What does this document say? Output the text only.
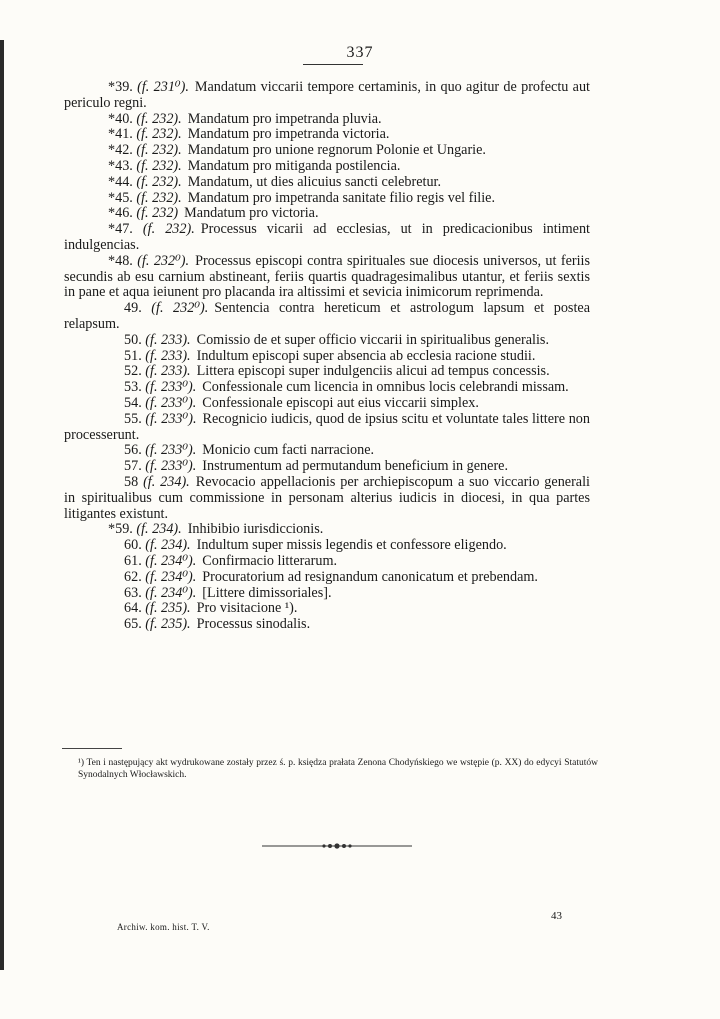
337
*39. (f. 231⁰). Mandatum viccarii tempore certaminis, in quo agitur de profectu aut periculo regni.
*40. (f. 232). Mandatum pro impetranda pluvia.
*41. (f. 232). Mandatum pro impetranda victoria.
*42. (f. 232). Mandatum pro unione regnorum Polonie et Ungarie.
*43. (f. 232). Mandatum pro mitiganda postilencia.
*44. (f. 232). Mandatum, ut dies alicuius sancti celebretur.
*45. (f. 232). Mandatum pro impetranda sanitate filio regis vel filie.
*46. (f. 232) Mandatum pro victoria.
*47. (f. 232). Processus vicarii ad ecclesias, ut in predicacionibus intiment indulgencias.
*48. (f. 232⁰). Processus episcopi contra spirituales sue diocesis universos, ut feriis secundis ab esu carnium abstineant, feriis quartis quadragesimalibus utantur, et feriis sextis in pane et aqua ieiunent pro placanda ira altissimi et sevicia inimicorum reprimenda.
49. (f. 232⁰). Sentencia contra hereticum et astrologum lapsum et postea relapsum.
50. (f. 233). Comissio de et super officio viccarii in spiritualibus generalis.
51. (f. 233). Indultum episcopi super absencia ab ecclesia racione studii.
52. (f. 233). Littera episcopi super indulgenciis alicui ad tempus concessis.
53. (f. 233⁰). Confessionale cum licencia in omnibus locis celebrandi missam.
54. (f. 233⁰). Confessionale episcopi aut eius viccarii simplex.
55. (f. 233⁰). Recognicio iudicis, quod de ipsius scitu et voluntate tales littere non processerunt.
56. (f. 233⁰). Monicio cum facti narracione.
57. (f. 233⁰). Instrumentum ad permutandum beneficium in genere.
58 (f. 234). Revocacio appellacionis per archiepiscopum a suo viccario generali in spiritualibus cum commissione in personam alterius iudicis in diocesi, in qua partes litigantes existunt.
*59. (f. 234). Inhibibio iurisdiccionis.
60. (f. 234). Indultum super missis legendis et confessore eligendo.
61. (f. 234⁰). Confirmacio litterarum.
62. (f. 234⁰). Procuratorium ad resignandum canonicatum et prebendam.
63. (f. 234⁰). [Littere dimissoriales].
64. (f. 235). Pro visitacione ¹).
65. (f. 235). Processus sinodalis.
¹) Ten i następujący akt wydrukowane zostały przez ś. p. księdza prałata Zenona Chodyńskiego we wstępie (p. XX) do edycyi Statutów Synodalnych Włocławskich.
43
Archiw. kom. hist. T. V.
